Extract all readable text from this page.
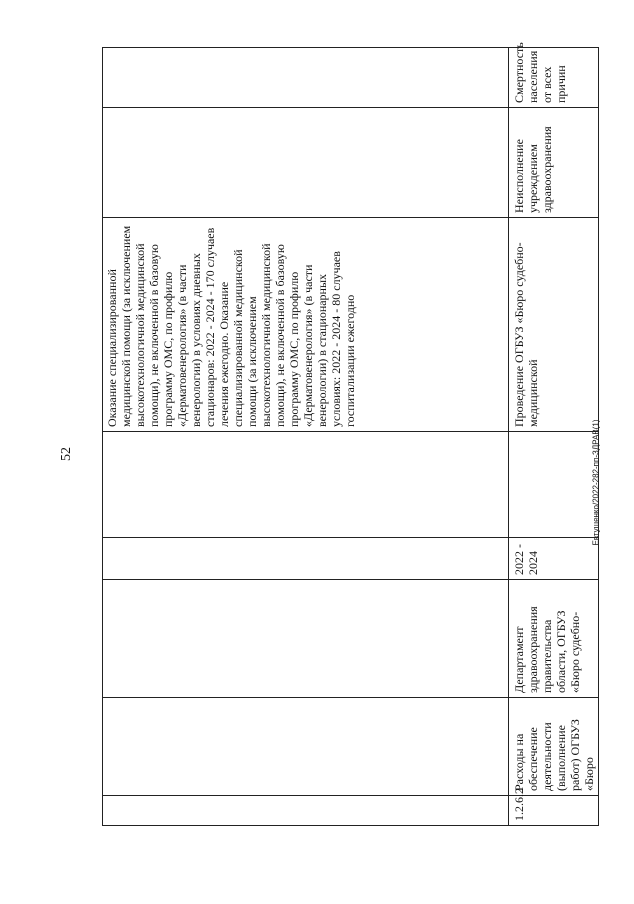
52	Евтушенко/2022-282-пп-ЗДРАВ(1)
					Оказание специализированной медицинской помощи (за исключением высокотехнологичной медицинской помощи), не включенной в базовую программу ОМС, по профилю «Дерматовенерология» (в части венерологии) в условиях дневных стационаров: 2022 - 2024 - 170 случаев лечения ежегодно. Оказание специализированной медицинской помощи (за исключением высокотехнологичной медицинской помощи), не включенной в базовую программу ОМС, по профилю «Дерматовенерология» (в части венерологии) в стационарных условиях: 2022 - 2024 - 80 случаев госпитализации ежегодно		
1.2.6.2	Расходы на обеспечение деятельности (выполнение работ) ОГБУЗ «Бюро	Департамент здравоохранения правительства области, ОГБУЗ «Бюро судебно-	2022 - 2024		Проведение ОГБУЗ «Бюро судебно-медицинской	Неисполнение учреждением здравоохранения	Смертность населения от всех причин
